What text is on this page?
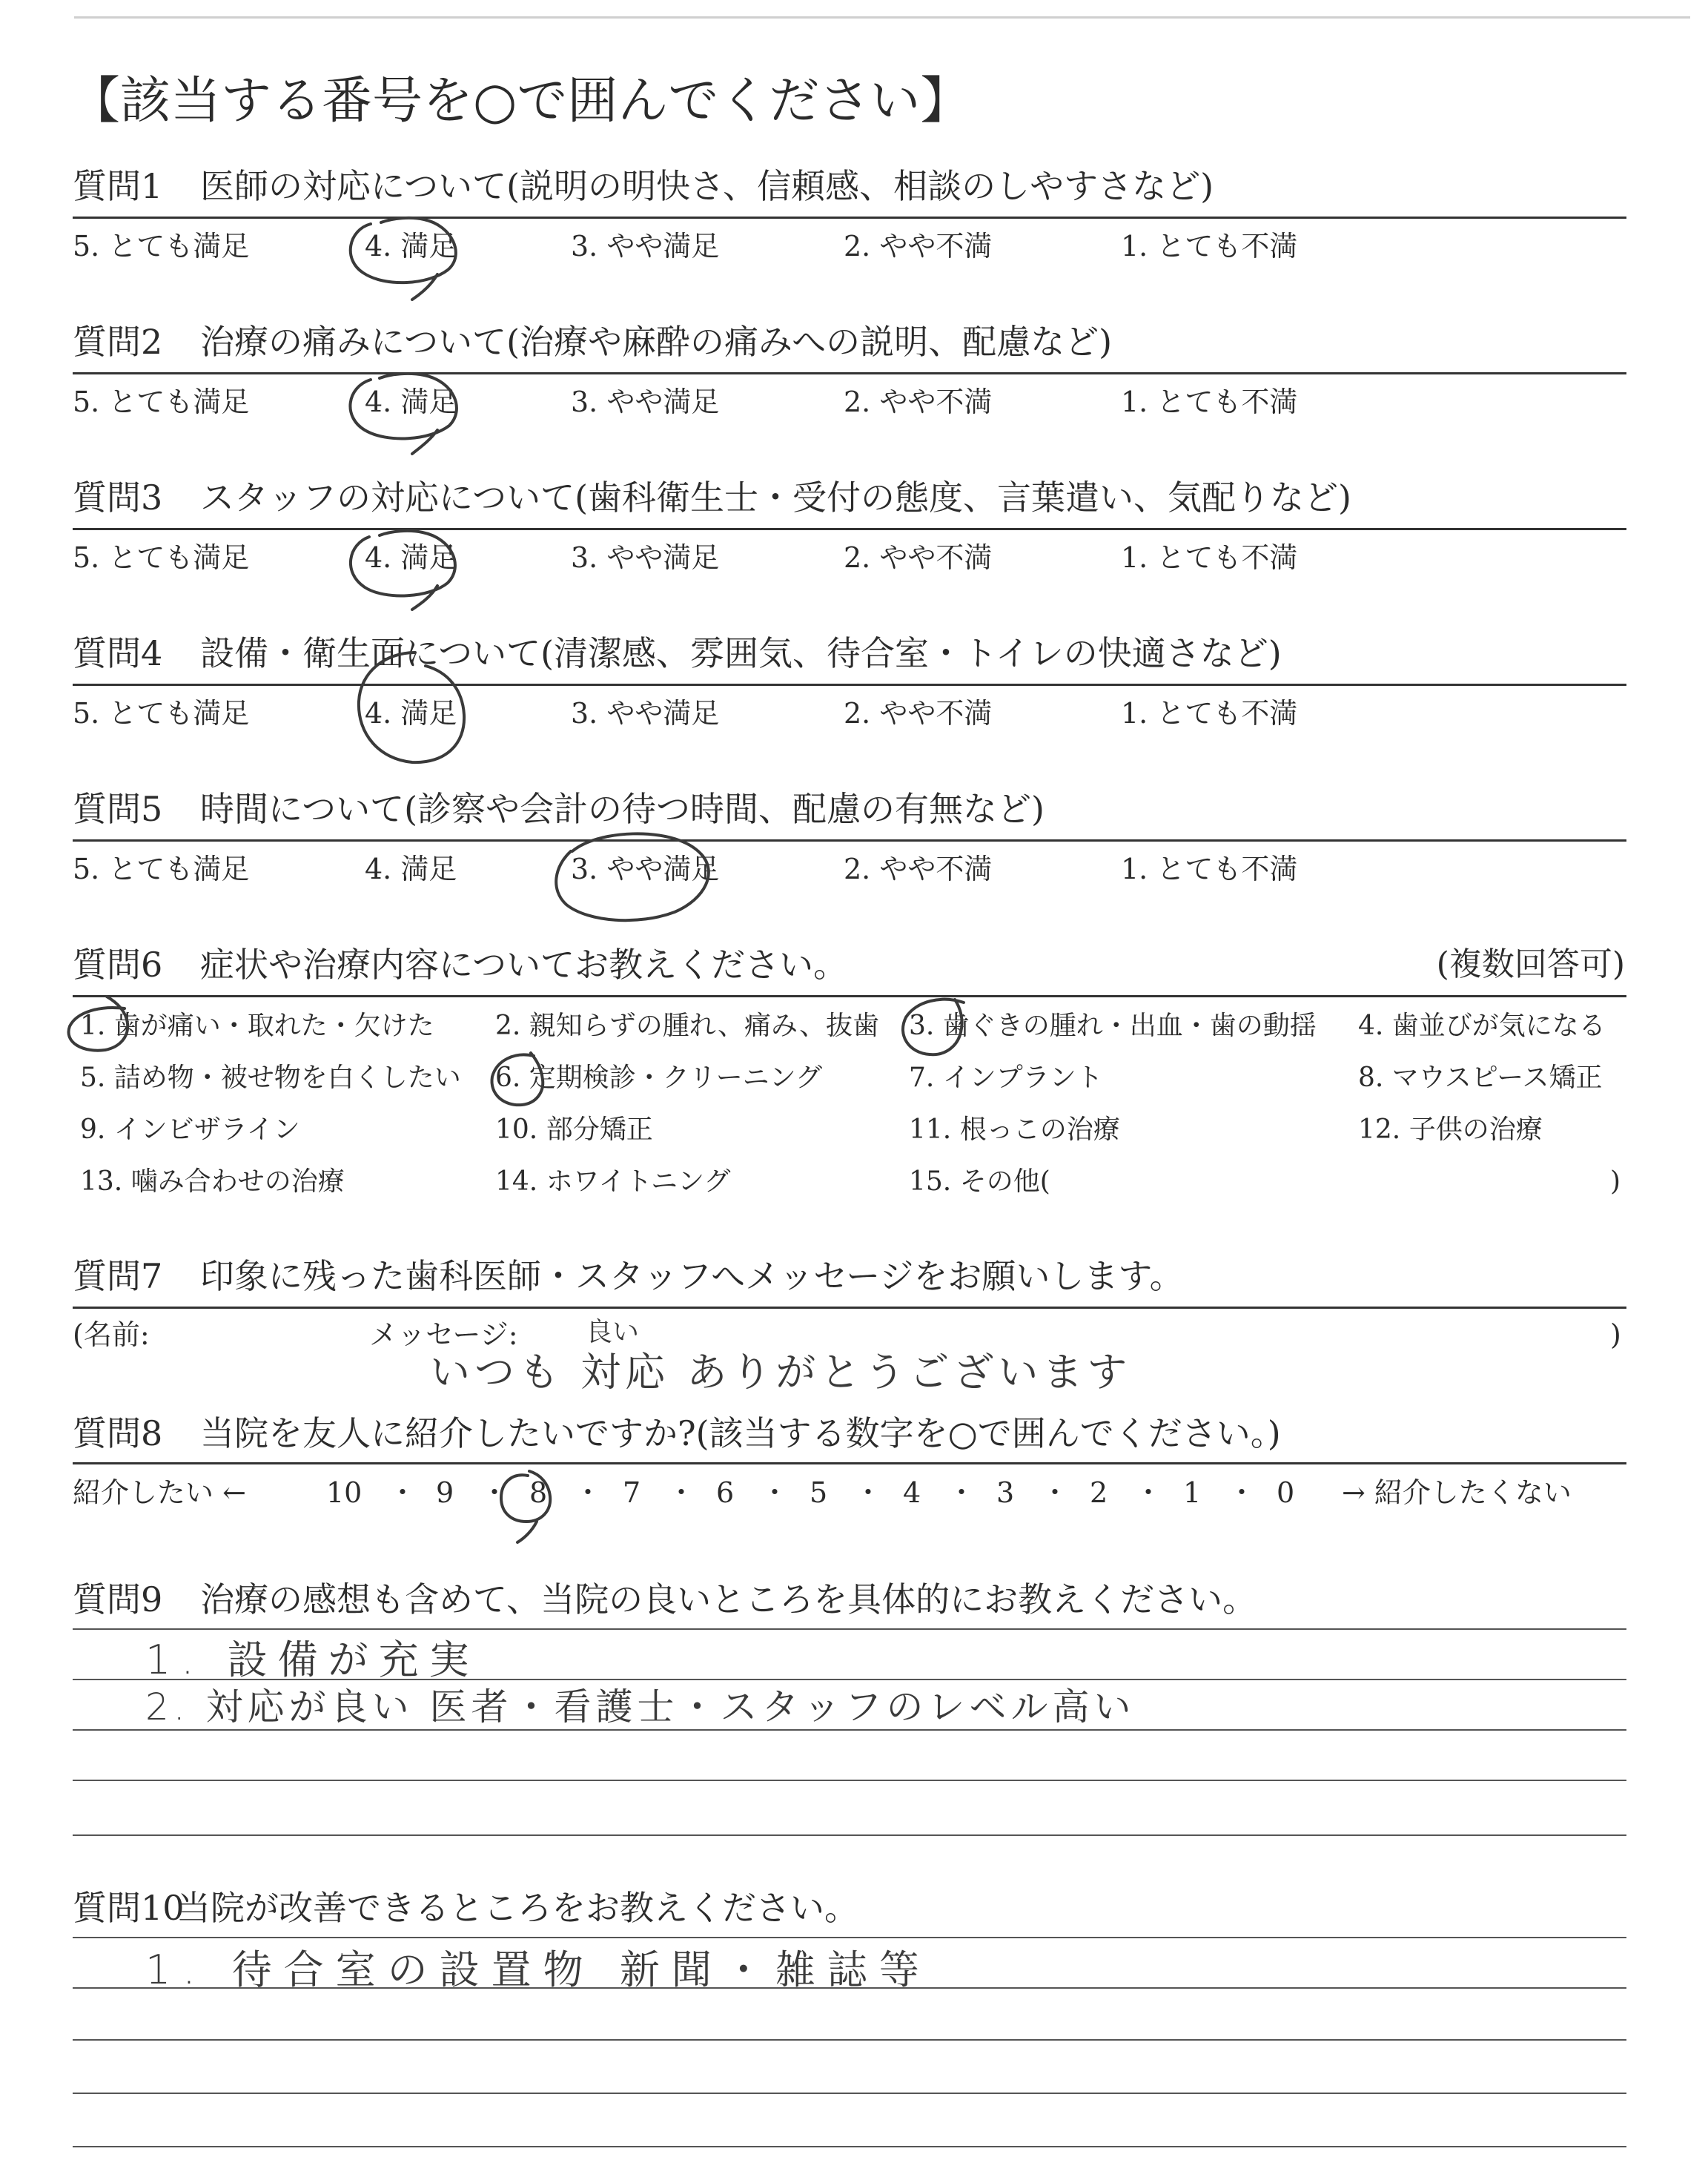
【該当する番号を○で囲んでください】
質問1 医師の対応について(説明の明快さ、信頼感、相談のしやすさなど)
5. とても満足	4. 満足	3. やや満足	2. やや不満	1. とても不満
質問2 治療の痛みについて(治療や麻酔の痛みへの説明、配慮など)
5. とても満足	4. 満足	3. やや満足	2. やや不満	1. とても不満
質問3 スタッフの対応について(歯科衛生士・受付の態度、言葉遣い、気配りなど)
5. とても満足	4. 満足	3. やや満足	2. やや不満	1. とても不満
質問4 設備・衛生面について(清潔感、雰囲気、待合室・トイレの快適さなど)
5. とても満足	4. 満足	3. やや満足	2. やや不満	1. とても不満
質問5 時間について(診察や会計の待つ時間、配慮の有無など)
5. とても満足	4. 満足	3. やや満足	2. やや不満	1. とても不満
質問6 症状や治療内容についてお教えください。	(複数回答可)
1. 歯が痛い・取れた・欠けた 2. 親知らずの腫れ、痛み、抜歯 3. 歯ぐきの腫れ・出血・歯の動揺 4. 歯並びが気になる
5. 詰め物・被せ物を白くしたい 6. 定期検診・クリーニング	7. インプラント	8. マウスピース矯正
9. インビザライン	10. 部分矯正	11. 根っこの治療	12. 子供の治療
13. 噛み合わせの治療	14. ホワイトニング	15. その他(	)
質問7 印象に残った歯科医師・スタッフへメッセージをお願いします。
(名前:	メッセージ:	)
良い
いつも 対応 ありがとうございます
質問8 当院を友人に紹介したいですか?(該当する数字を○で囲んでください。)
紹介したい ←	10 ・ 9 ・ 8 ・ 7 ・ 6 ・ 5 ・ 4 ・ 3 ・ 2 ・ 1 ・ 0 → 紹介したくない
質問9 治療の感想も含めて、当院の良いところを具体的にお教えください。
1. 設備が充実
2. 対応が良い 医者・看護士・スタッフのレベル高い
質問10当院が改善できるところをお教えください。
1. 待合室の設置物 新聞・雑誌等
